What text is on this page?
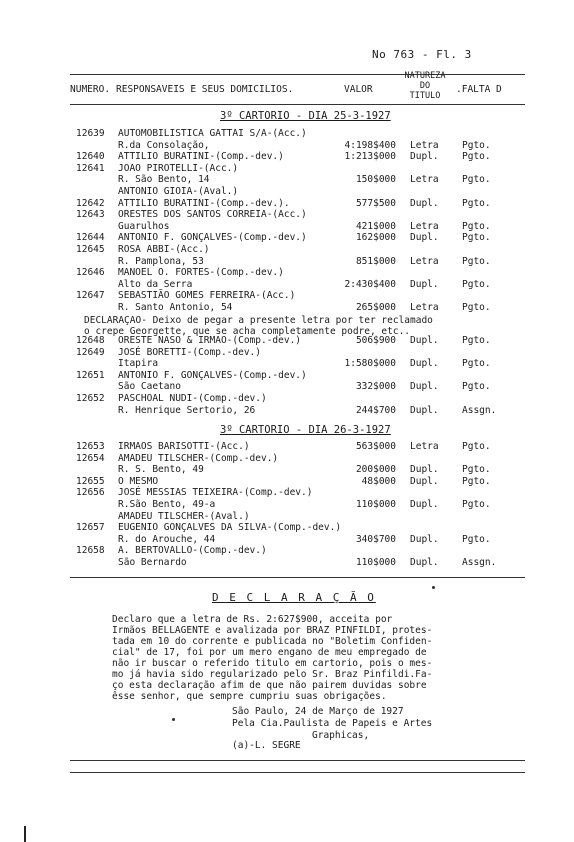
No 763 - Fl. 3
NUMERO. RESPONSAVEIS E SEUS DOMICILIOS.	VALOR
NATUREZA
DO
TITULO
.FALTA D
3º CARTORIO - DIA 25-3-1927
12639 AUTOMOBILISTICA GATTAI S/A-(Acc.)
R.da Consolação,	4:198$400 Letra Pgto.
12640 ATTILIO BURATINI-(Comp.-dev.)	1:213$000 Dupl. Pgto.
12641 JOAO PIROTELLI-(Acc.)
R. São Bento, 14	150$000 Letra Pgto.
ANTONIO GIOIA-(Aval.)
12642 ATTILIO BURATINI-(Comp.-dev.).	577$500 Dupl. Pgto.
12643 ORESTES DOS SANTOS CORREIA-(Acc.)
Guarulhos	421$000 Letra Pgto.
12644 ANTONIO F. GONÇALVES-(Comp.-dev.)	162$000 Dupl. Pgto.
12645 ROSA ABBI-(Acc.)
R. Pamplona, 53	851$000 Letra Pgto.
12646 MANOEL O. FORTES-(Comp.-dev.)
Alto da Serra	2:430$400 Dupl. Pgto.
12647 SEBASTIÃO GOMES FERREIRA-(Acc.)
R. Santo Antonio, 54	265$000 Letra Pgto.
DECLARAÇAO- Deixo de pegar a presente letra por ter reclamado
o crepe Georgette, que se acha completamente podre, etc..
12648 ORESTE NASO & IRMAO-(Comp.-dev.)	506$900 Dupl. Pgto.
12649 JOSÉ BORETTI-(Comp.-dev.)
Itapira	1:580$000 Dupl. Pgto.
12651 ANTONIO F. GONÇALVES-(Comp.-dev.)
São Caetano	332$000 Dupl. Pgto.
12652 PASCHOAL NUDI-(Comp.-dev.)
R. Henrique Sertorio, 26	244$700 Dupl. Assgn.
3º CARTORIO - DIA 26-3-1927
12653 IRMAOS BARISOTTI-(Acc.)	563$000 Letra Pgto.
12654 AMADEU TILSCHER-(Comp.-dev.)
R. S. Bento, 49	200$000 Dupl. Pgto.
12655 O MESMO	48$000 Dupl. Pgto.
12656 JOSÉ MESSIAS TEIXEIRA-(Comp.-dev.)
R.São Bento, 49-a	110$000 Dupl. Pgto.
AMADEU TILSCHER-(Aval.)
12657 EUGENIO GONÇALVES DA SILVA-(Comp.-dev.)
R. do Arouche, 44	340$700 Dupl. Pgto.
12658 A. BERTOVALLO-(Comp.-dev.)
São Bernardo	110$000 Dupl. Assgn.
D E C L A R A Ç Ã O
Declaro que a letra de Rs. 2:627$900, acceita por
Irmãos BELLAGENTE e avalizada por BRAZ PINFILDI, protes-
tada em 10 do corrente e publicada no "Boletim Confiden-
cial" de 17, foi por um mero engano de meu empregado de
não ir buscar o referido titulo em cartorio, pois o mes-
mo já havia sido regularizado pelo Sr. Braz Pinfildi.Fa-
ço esta declaração afim de que não pairem duvidas sobre
êsse senhor, que sempre cumpriu suas obrigações.
São Paulo, 24 de Março de 1927
Pela Cia.Paulista de Papeis e Artes
Graphicas,
(a)-L. SEGRE
